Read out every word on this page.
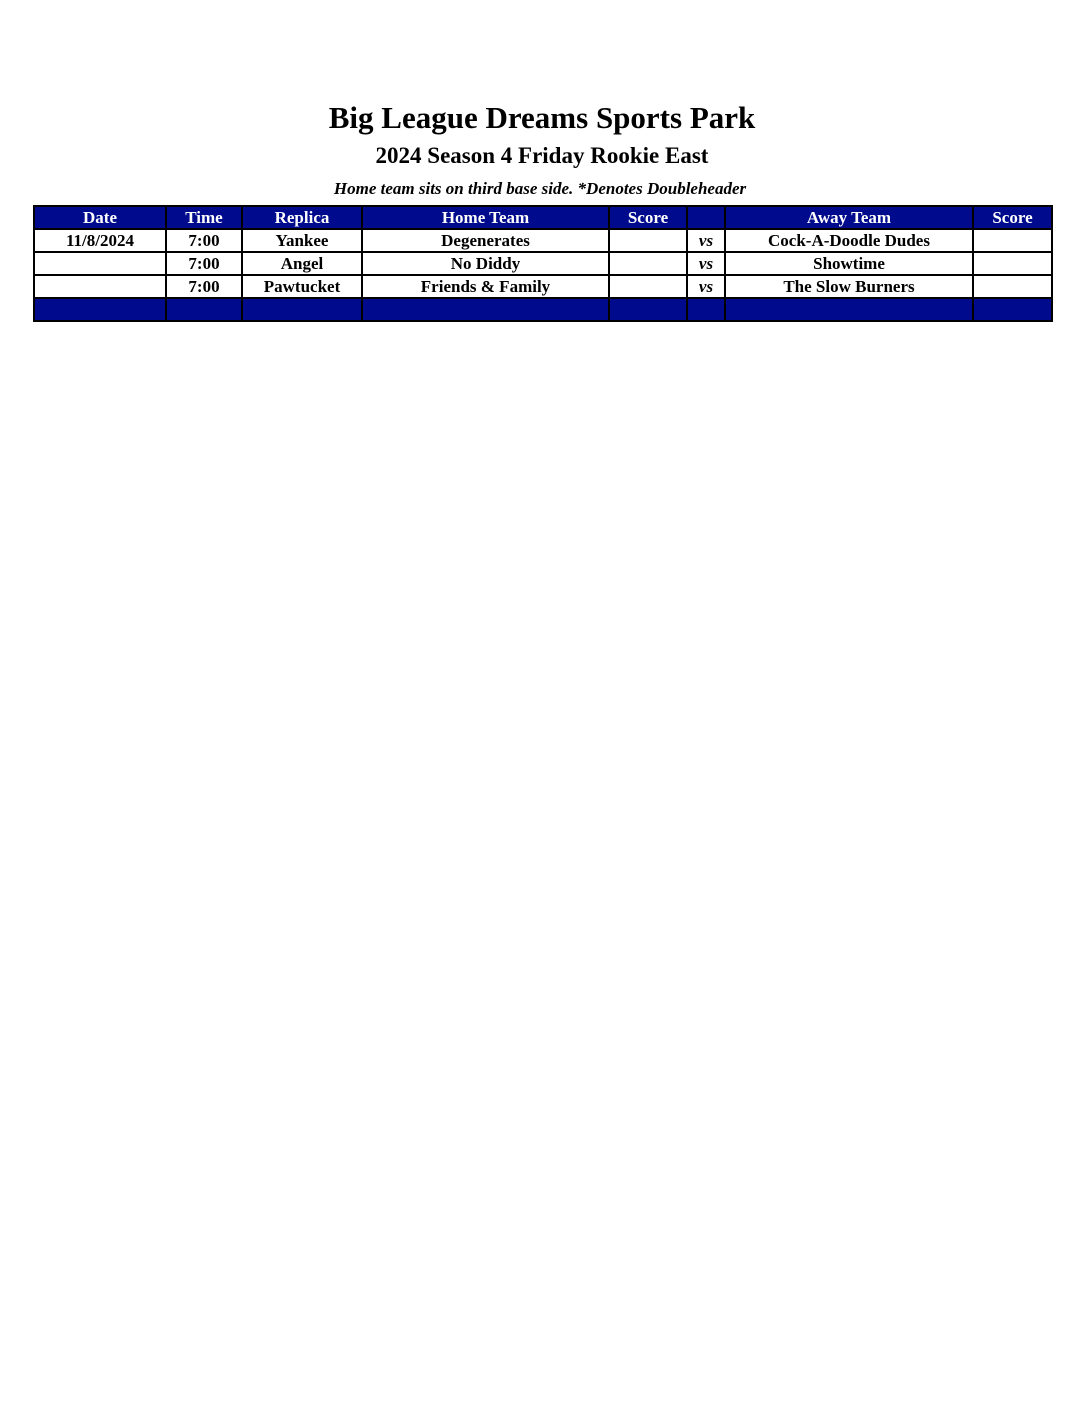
Big League Dreams Sports Park
2024 Season 4 Friday Rookie East
Home team sits on third base side. *Denotes Doubleheader
Date	Time	Replica	Home Team	Score		Away Team	Score
11/8/2024	7:00	Yankee	Degenerates		vs	Cock-A-Doodle Dudes	
	7:00	Angel	No Diddy		vs	Showtime	
	7:00	Pawtucket	Friends & Family		vs	The Slow Burners	
